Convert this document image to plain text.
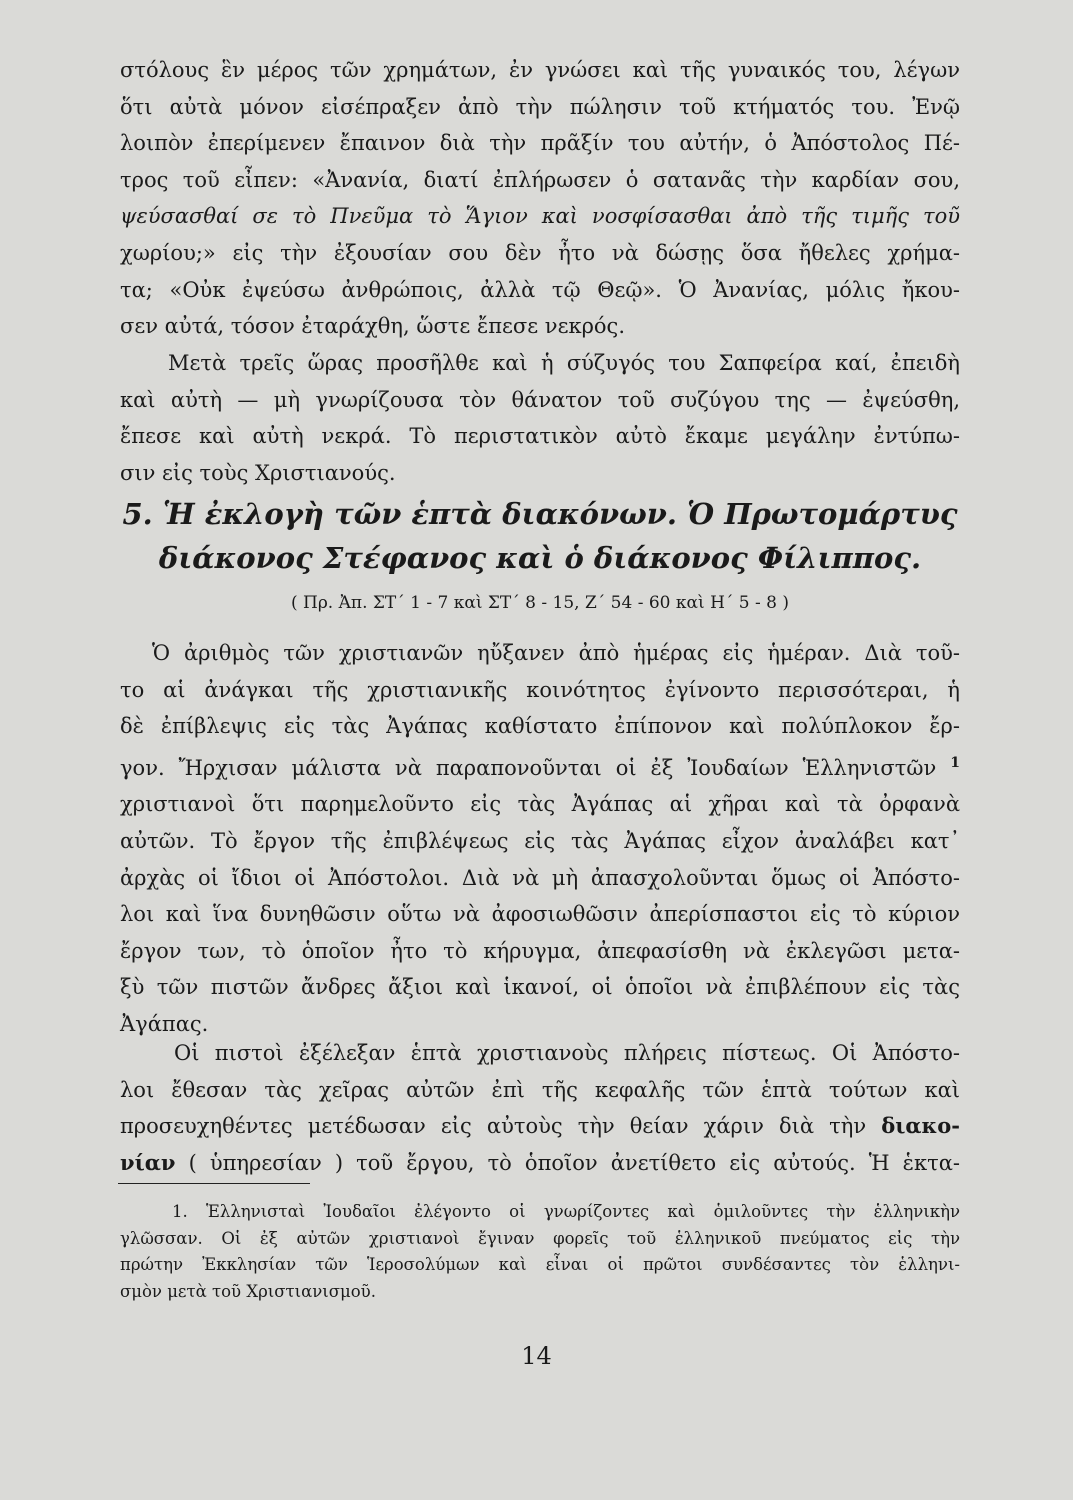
στόλους ἓν μέρος τῶν χρημάτων, ἐν γνώσει καὶ τῆς γυναικός του, λέγων
ὅτι αὐτὰ μόνον εἰσέπραξεν ἀπὸ τὴν πώλησιν τοῦ κτήματός του. Ἐνῷ
λοιπὸν ἐπερίμενεν ἔπαινον διὰ τὴν πρᾶξίν του αὐτήν, ὁ Ἀπόστολος Πέ-
τρος τοῦ εἶπεν: «Ἀνανία, διατί ἐπλήρωσεν ὁ σατανᾶς τὴν καρδίαν σου,
ψεύσασθαί σε τὸ Πνεῦμα τὸ Ἅγιον καὶ νοσφίσασθαι ἀπὸ τῆς τιμῆς τοῦ
χωρίου;» εἰς τὴν ἐξουσίαν σου δὲν ἦτο νὰ δώσῃς ὅσα ἤθελες χρήμα-
τα; «Οὐκ ἐψεύσω ἀνθρώποις, ἀλλὰ τῷ Θεῷ». Ὁ Ἀνανίας, μόλις ἤκου-
σεν αὐτά, τόσον ἐταράχθη, ὥστε ἔπεσε νεκρός.
Μετὰ τρεῖς ὥρας προσῆλθε καὶ ἡ σύζυγός του Σαπφείρα καί, ἐπειδὴ
καὶ αὐτὴ — μὴ γνωρίζουσα τὸν θάνατον τοῦ συζύγου της — ἐψεύσθη,
ἔπεσε καὶ αὐτὴ νεκρά. Τὸ περιστατικὸν αὐτὸ ἔκαμε μεγάλην ἐντύπω-
σιν εἰς τοὺς Χριστιανούς.
5. Ἡ ἐκλογὴ τῶν ἑπτὰ διακόνων. Ὁ Πρωτομάρτυς
διάκονος Στέφανος καὶ ὁ διάκονος Φίλιππος.
( Πρ. Ἀπ. ΣΤ΄ 1 - 7 καὶ ΣΤ΄ 8 - 15, Ζ΄ 54 - 60 καὶ Η΄ 5 - 8 )
Ὁ ἀριθμὸς τῶν χριστιανῶν ηὔξανεν ἀπὸ ἡμέρας εἰς ἡμέραν. Διὰ τοῦ-
το αἱ ἀνάγκαι τῆς χριστιανικῆς κοινότητος ἐγίνοντο περισσότεραι, ἡ
δὲ ἐπίβλεψις εἰς τὰς Ἀγάπας καθίστατο ἐπίπονον καὶ πολύπλοκον ἔρ-
γον. Ἤρχισαν μάλιστα νὰ παραπονοῦνται οἱ ἐξ Ἰουδαίων Ἑλληνιστῶν $^1$
χριστιανοὶ ὅτι παρημελοῦντο εἰς τὰς Ἀγάπας αἱ χῆραι καὶ τὰ ὀρφανὰ
αὐτῶν. Τὸ ἔργον τῆς ἐπιβλέψεως εἰς τὰς Ἀγάπας εἶχον ἀναλάβει κατ᾽
ἀρχὰς οἱ ἴδιοι οἱ Ἀπόστολοι. Διὰ νὰ μὴ ἀπασχολοῦνται ὅμως οἱ Ἀπόστο-
λοι καὶ ἵνα δυνηθῶσιν οὕτω νὰ ἀφοσιωθῶσιν ἀπερίσπαστοι εἰς τὸ κύριον
ἔργον των, τὸ ὁποῖον ἦτο τὸ κήρυγμα, ἀπεφασίσθη νὰ ἐκλεγῶσι μετα-
ξὺ τῶν πιστῶν ἄνδρες ἄξιοι καὶ ἱκανοί, οἱ ὁποῖοι νὰ ἐπιβλέπουν εἰς τὰς
Ἀγάπας.
Οἱ πιστοὶ ἐξέλεξαν ἑπτὰ χριστιανοὺς πλήρεις πίστεως. Οἱ Ἀπόστο-
λοι ἔθεσαν τὰς χεῖρας αὐτῶν ἐπὶ τῆς κεφαλῆς τῶν ἑπτὰ τούτων καὶ
προσευχηθέντες μετέδωσαν εἰς αὐτοὺς τὴν θείαν χάριν διὰ τὴν διακο-
νίαν ( ὑπηρεσίαν ) τοῦ ἔργου, τὸ ὁποῖον ἀνετίθετο εἰς αὐτούς. Ἡ ἑκτα-
1. Ἑλληνισταὶ Ἰουδαῖοι ἐλέγοντο οἱ γνωρίζοντες καὶ ὁμιλοῦντες τὴν ἑλληνικὴν
γλῶσσαν. Οἱ ἐξ αὐτῶν χριστιανοὶ ἔγιναν φορεῖς τοῦ ἑλληνικοῦ πνεύματος εἰς τὴν
πρώτην Ἐκκλησίαν τῶν Ἱεροσολύμων καὶ εἶναι οἱ πρῶτοι συνδέσαντες τὸν ἑλληνι-
σμὸν μετὰ τοῦ Χριστιανισμοῦ.
14
